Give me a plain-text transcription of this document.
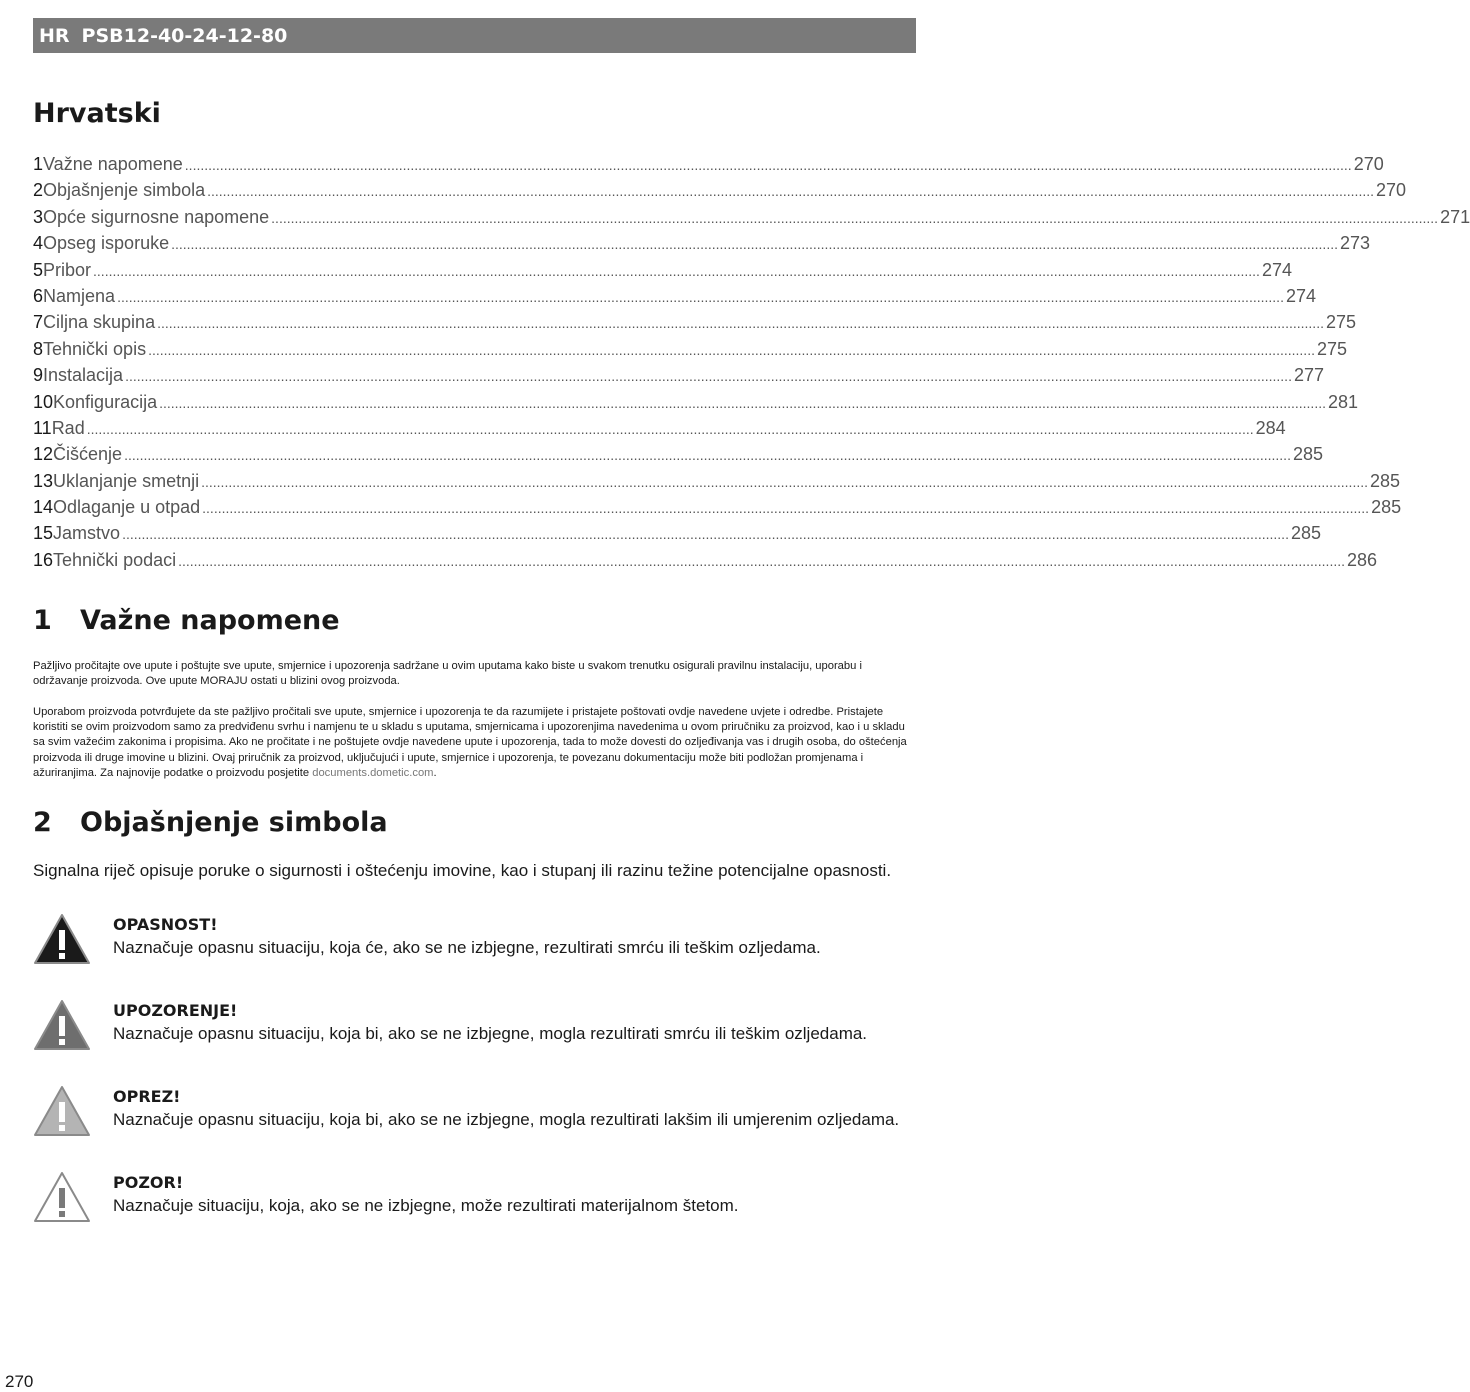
HR PSB12-40-24-12-80
Hrvatski
1 Važne napomene ............................................................................................................................................................................................................................................................................................................ 270
2 Objašnjenje simbola ............................................................................................................................................................................................................................................................................................................ 270
3 Opće sigurnosne napomene ............................................................................................................................................................................................................................................................................................................ 271
4 Opseg isporuke ............................................................................................................................................................................................................................................................................................................ 273
5 Pribor ............................................................................................................................................................................................................................................................................................................ 274
6 Namjena ............................................................................................................................................................................................................................................................................................................ 274
7 Ciljna skupina ............................................................................................................................................................................................................................................................................................................ 275
8 Tehnički opis ............................................................................................................................................................................................................................................................................................................ 275
9 Instalacija ............................................................................................................................................................................................................................................................................................................ 277
10 Konfiguracija ............................................................................................................................................................................................................................................................................................................ 281
11 Rad ............................................................................................................................................................................................................................................................................................................ 284
12 Čišćenje ............................................................................................................................................................................................................................................................................................................ 285
13 Uklanjanje smetnji ............................................................................................................................................................................................................................................................................................................ 285
14 Odlaganje u otpad ............................................................................................................................................................................................................................................................................................................ 285
15 Jamstvo ............................................................................................................................................................................................................................................................................................................ 285
16 Tehnički podaci ............................................................................................................................................................................................................................................................................................................ 286
1	Važne napomene

Pažljivo pročitajte ove upute i poštujte sve upute, smjernice i upozorenja sadržane u ovim uputama kako biste u svakom trenutku osigurali pravilnu instalaciju, uporabu i održavanje proizvoda. Ove upute MORAJU ostati u blizini ovog proizvoda.

Uporabom proizvoda potvrđujete da ste pažljivo pročitali sve upute, smjernice i upozorenja te da razumijete i pristajete poštovati ovdje navedene uvjete i odredbe. Pristajete koristiti se ovim proizvodom samo za predviđenu svrhu i namjenu te u skladu s uputama, smjernicama i upozorenjima navedenima u ovom priručniku za proizvod, kao i u skladu sa svim važećim zakonima i propisima. Ako ne pročitate i ne poštujete ovdje navedene upute i upozorenja, tada to može dovesti do ozljeđivanja vas i drugih osoba, do oštećenja proizvoda ili druge imovine u blizini. Ovaj priručnik za proizvod, uključujući i upute, smjernice i upozorenja, te povezanu dokumentaciju može biti podložan promjenama i ažuriranjima. Za najnovije podatke o proizvodu posjetite documents.dometic.com.

2	Objašnjenje simbola

Signalna riječ opisuje poruke o sigurnosti i oštećenju imovine, kao i stupanj ili razinu težine potencijalne opasnosti.

OPASNOST!
Naznačuje opasnu situaciju, koja će, ako se ne izbjegne, rezultirati smrću ili teškim ozljedama.
UPOZORENJE!
Naznačuje opasnu situaciju, koja bi, ako se ne izbjegne, mogla rezultirati smrću ili teškim ozljedama.
OPREZ!
Naznačuje opasnu situaciju, koja bi, ako se ne izbjegne, mogla rezultirati lakšim ili umjerenim ozljedama.
POZOR!
Naznačuje situaciju, koja, ako se ne izbjegne, može rezultirati materijalnom štetom.
270
